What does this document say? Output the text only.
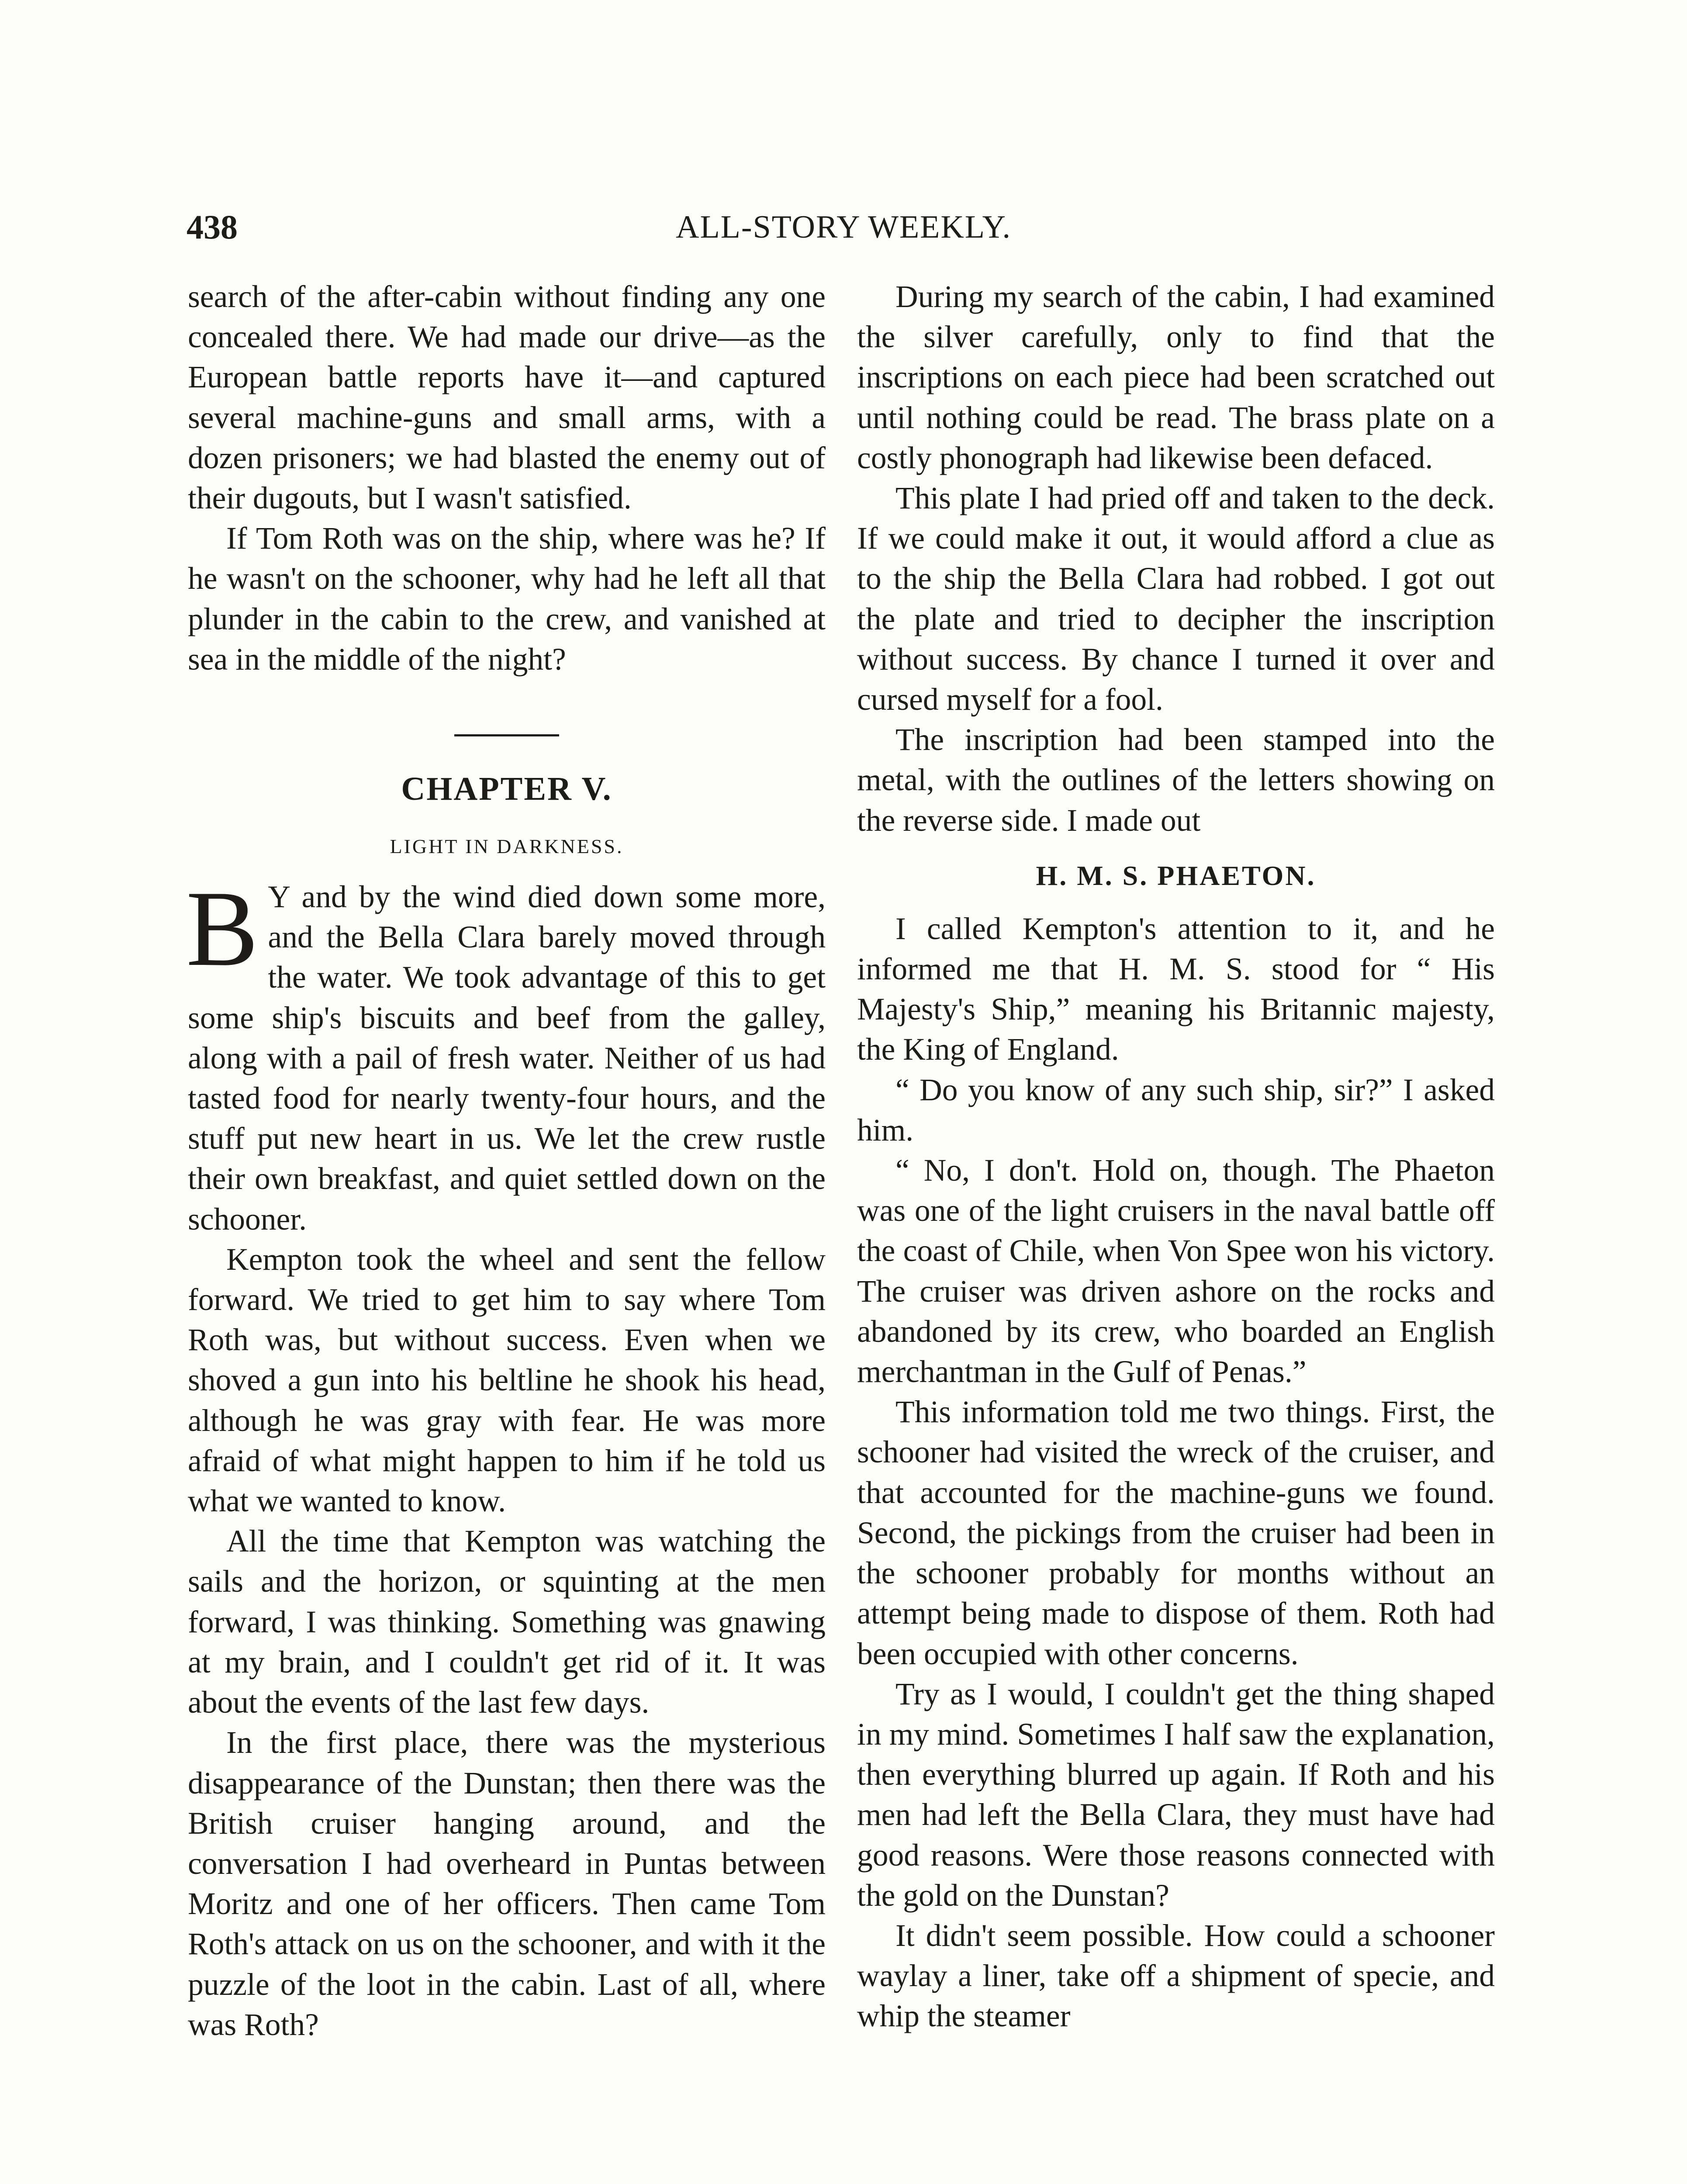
438	ALL-STORY WEEKLY.

search of the after-cabin without finding any one concealed there. We had made our drive—as the European battle reports have it—and captured several machine-guns and small arms, with a dozen prisoners; we had blasted the enemy out of their dugouts, but I wasn't satisfied.

If Tom Roth was on the ship, where was he? If he wasn't on the schooner, why had he left all that plunder in the cabin to the crew, and vanished at sea in the middle of the night?

CHAPTER V.
LIGHT IN DARKNESS.

B Y and by the wind died down some more, and the Bella Clara barely moved through the water. We took advantage of this to get some ship's biscuits and beef from the galley, along with a pail of fresh water. Neither of us had tasted food for nearly twenty-four hours, and the stuff put new heart in us. We let the crew rustle their own breakfast, and quiet settled down on the schooner.

Kempton took the wheel and sent the fellow forward. We tried to get him to say where Tom Roth was, but without success. Even when we shoved a gun into his beltline he shook his head, although he was gray with fear. He was more afraid of what might happen to him if he told us what we wanted to know.

All the time that Kempton was watching the sails and the horizon, or squinting at the men forward, I was thinking. Something was gnawing at my brain, and I couldn't get rid of it. It was about the events of the last few days.

In the first place, there was the mysterious disappearance of the Dunstan; then there was the British cruiser hanging around, and the conversation I had overheard in Puntas between Moritz and one of her officers. Then came Tom Roth's attack on us on the schooner, and with it the puzzle of the loot in the cabin. Last of all, where was Roth?

During my search of the cabin, I had examined the silver carefully, only to find that the inscriptions on each piece had been scratched out until nothing could be read. The brass plate on a costly phonograph had likewise been defaced.

This plate I had pried off and taken to the deck. If we could make it out, it would afford a clue as to the ship the Bella Clara had robbed. I got out the plate and tried to decipher the inscription without success. By chance I turned it over and cursed myself for a fool.

The inscription had been stamped into the metal, with the outlines of the letters showing on the reverse side. I made out

H. M. S. PHAETON.

I called Kempton's attention to it, and he informed me that H. M. S. stood for “ His Majesty's Ship,” meaning his Britannic majesty, the King of England.

“ Do you know of any such ship, sir?” I asked him.

“ No, I don't. Hold on, though. The Phaeton was one of the light cruisers in the naval battle off the coast of Chile, when Von Spee won his victory. The cruiser was driven ashore on the rocks and abandoned by its crew, who boarded an English merchantman in the Gulf of Penas.”

This information told me two things. First, the schooner had visited the wreck of the cruiser, and that accounted for the machine-guns we found. Second, the pickings from the cruiser had been in the schooner probably for months without an attempt being made to dispose of them. Roth had been occupied with other concerns.

Try as I would, I couldn't get the thing shaped in my mind. Sometimes I half saw the explanation, then everything blurred up again. If Roth and his men had left the Bella Clara, they must have had good reasons. Were those reasons connected with the gold on the Dunstan?

It didn't seem possible. How could a schooner waylay a liner, take off a shipment of specie, and whip the steamer
